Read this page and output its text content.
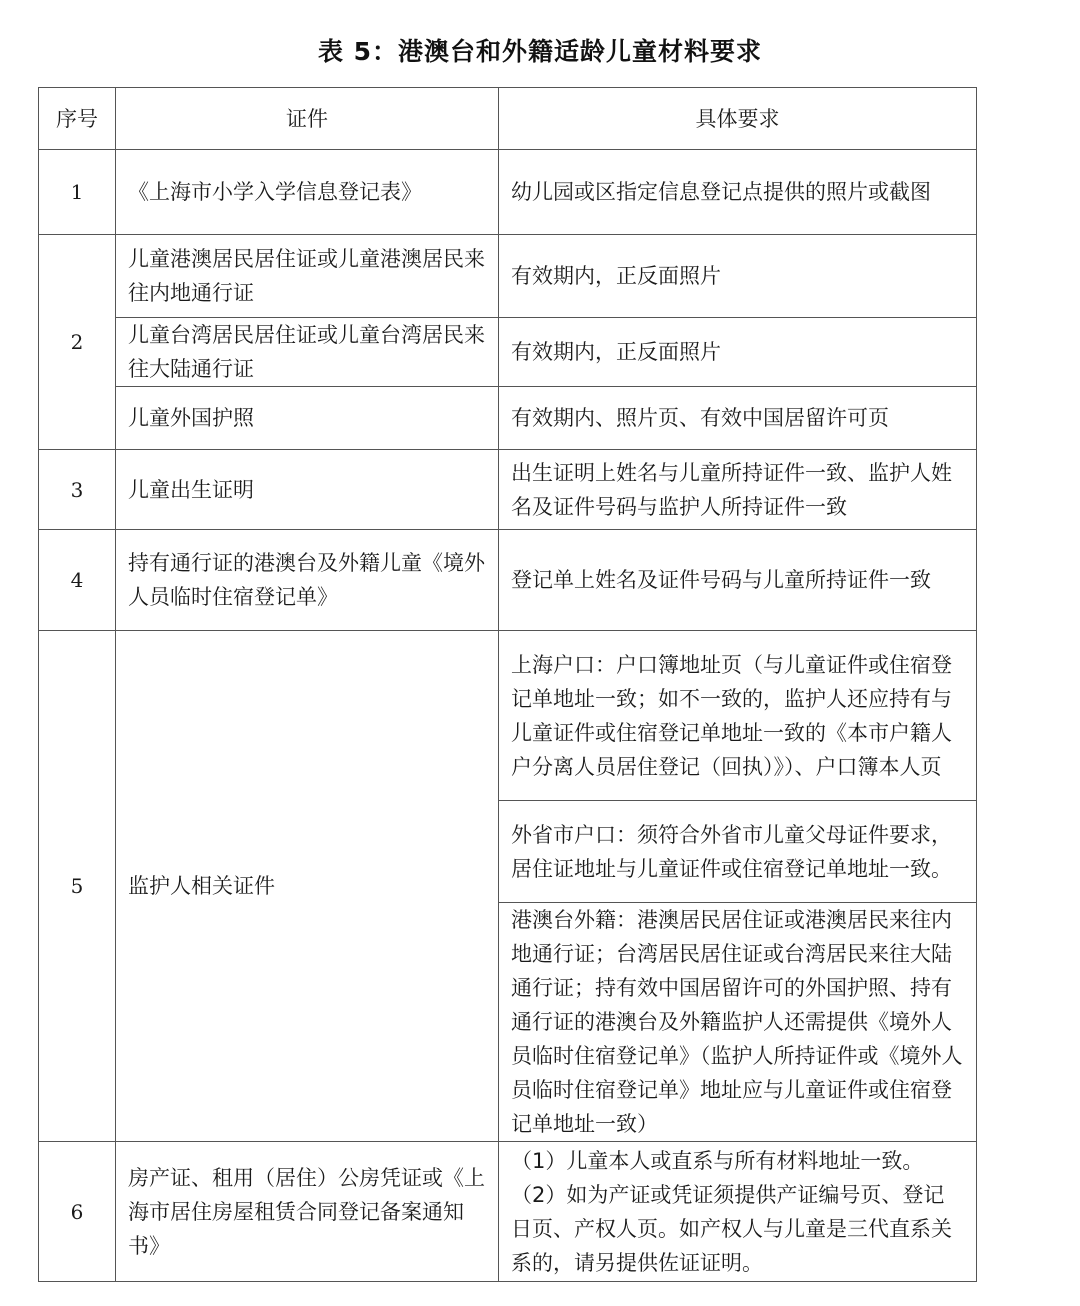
表 5：港澳台和外籍适龄儿童材料要求
序号	证件	具体要求
1	《上海市小学入学信息登记表》	幼儿园或区指定信息登记点提供的照片或截图
2	儿童港澳居民居住证或儿童港澳居民来往内地通行证	有效期内，正反面照片
	儿童台湾居民居住证或儿童台湾居民来往大陆通行证	有效期内，正反面照片
	儿童外国护照	有效期内、照片页、有效中国居留许可页
3	儿童出生证明	出生证明上姓名与儿童所持证件一致、监护人姓名及证件号码与监护人所持证件一致
4	持有通行证的港澳台及外籍儿童《境外人员临时住宿登记单》	登记单上姓名及证件号码与儿童所持证件一致
5	监护人相关证件	上海户口：户口簿地址页（与儿童证件或住宿登记单地址一致；如不一致的，监护人还应持有与儿童证件或住宿登记单地址一致的《本市户籍人户分离人员居住登记（回执）》）、户口簿本人页
		外省市户口：须符合外省市儿童父母证件要求，居住证地址与儿童证件或住宿登记单地址一致。
		港澳台外籍：港澳居民居住证或港澳居民来往内地通行证；台湾居民居住证或台湾居民来往大陆通行证；持有效中国居留许可的外国护照、持有通行证的港澳台及外籍监护人还需提供《境外人员临时住宿登记单》（监护人所持证件或《境外人员临时住宿登记单》地址应与儿童证件或住宿登记单地址一致）
6	房产证、租用（居住）公房凭证或《上海市居住房屋租赁合同登记备案通知书》	（1）儿童本人或直系与所有材料地址一致。

（2）如为产证或凭证须提供产证编号页、登记日页、产权人页。如产权人与儿童是三代直系关系的，请另提供佐证证明。
